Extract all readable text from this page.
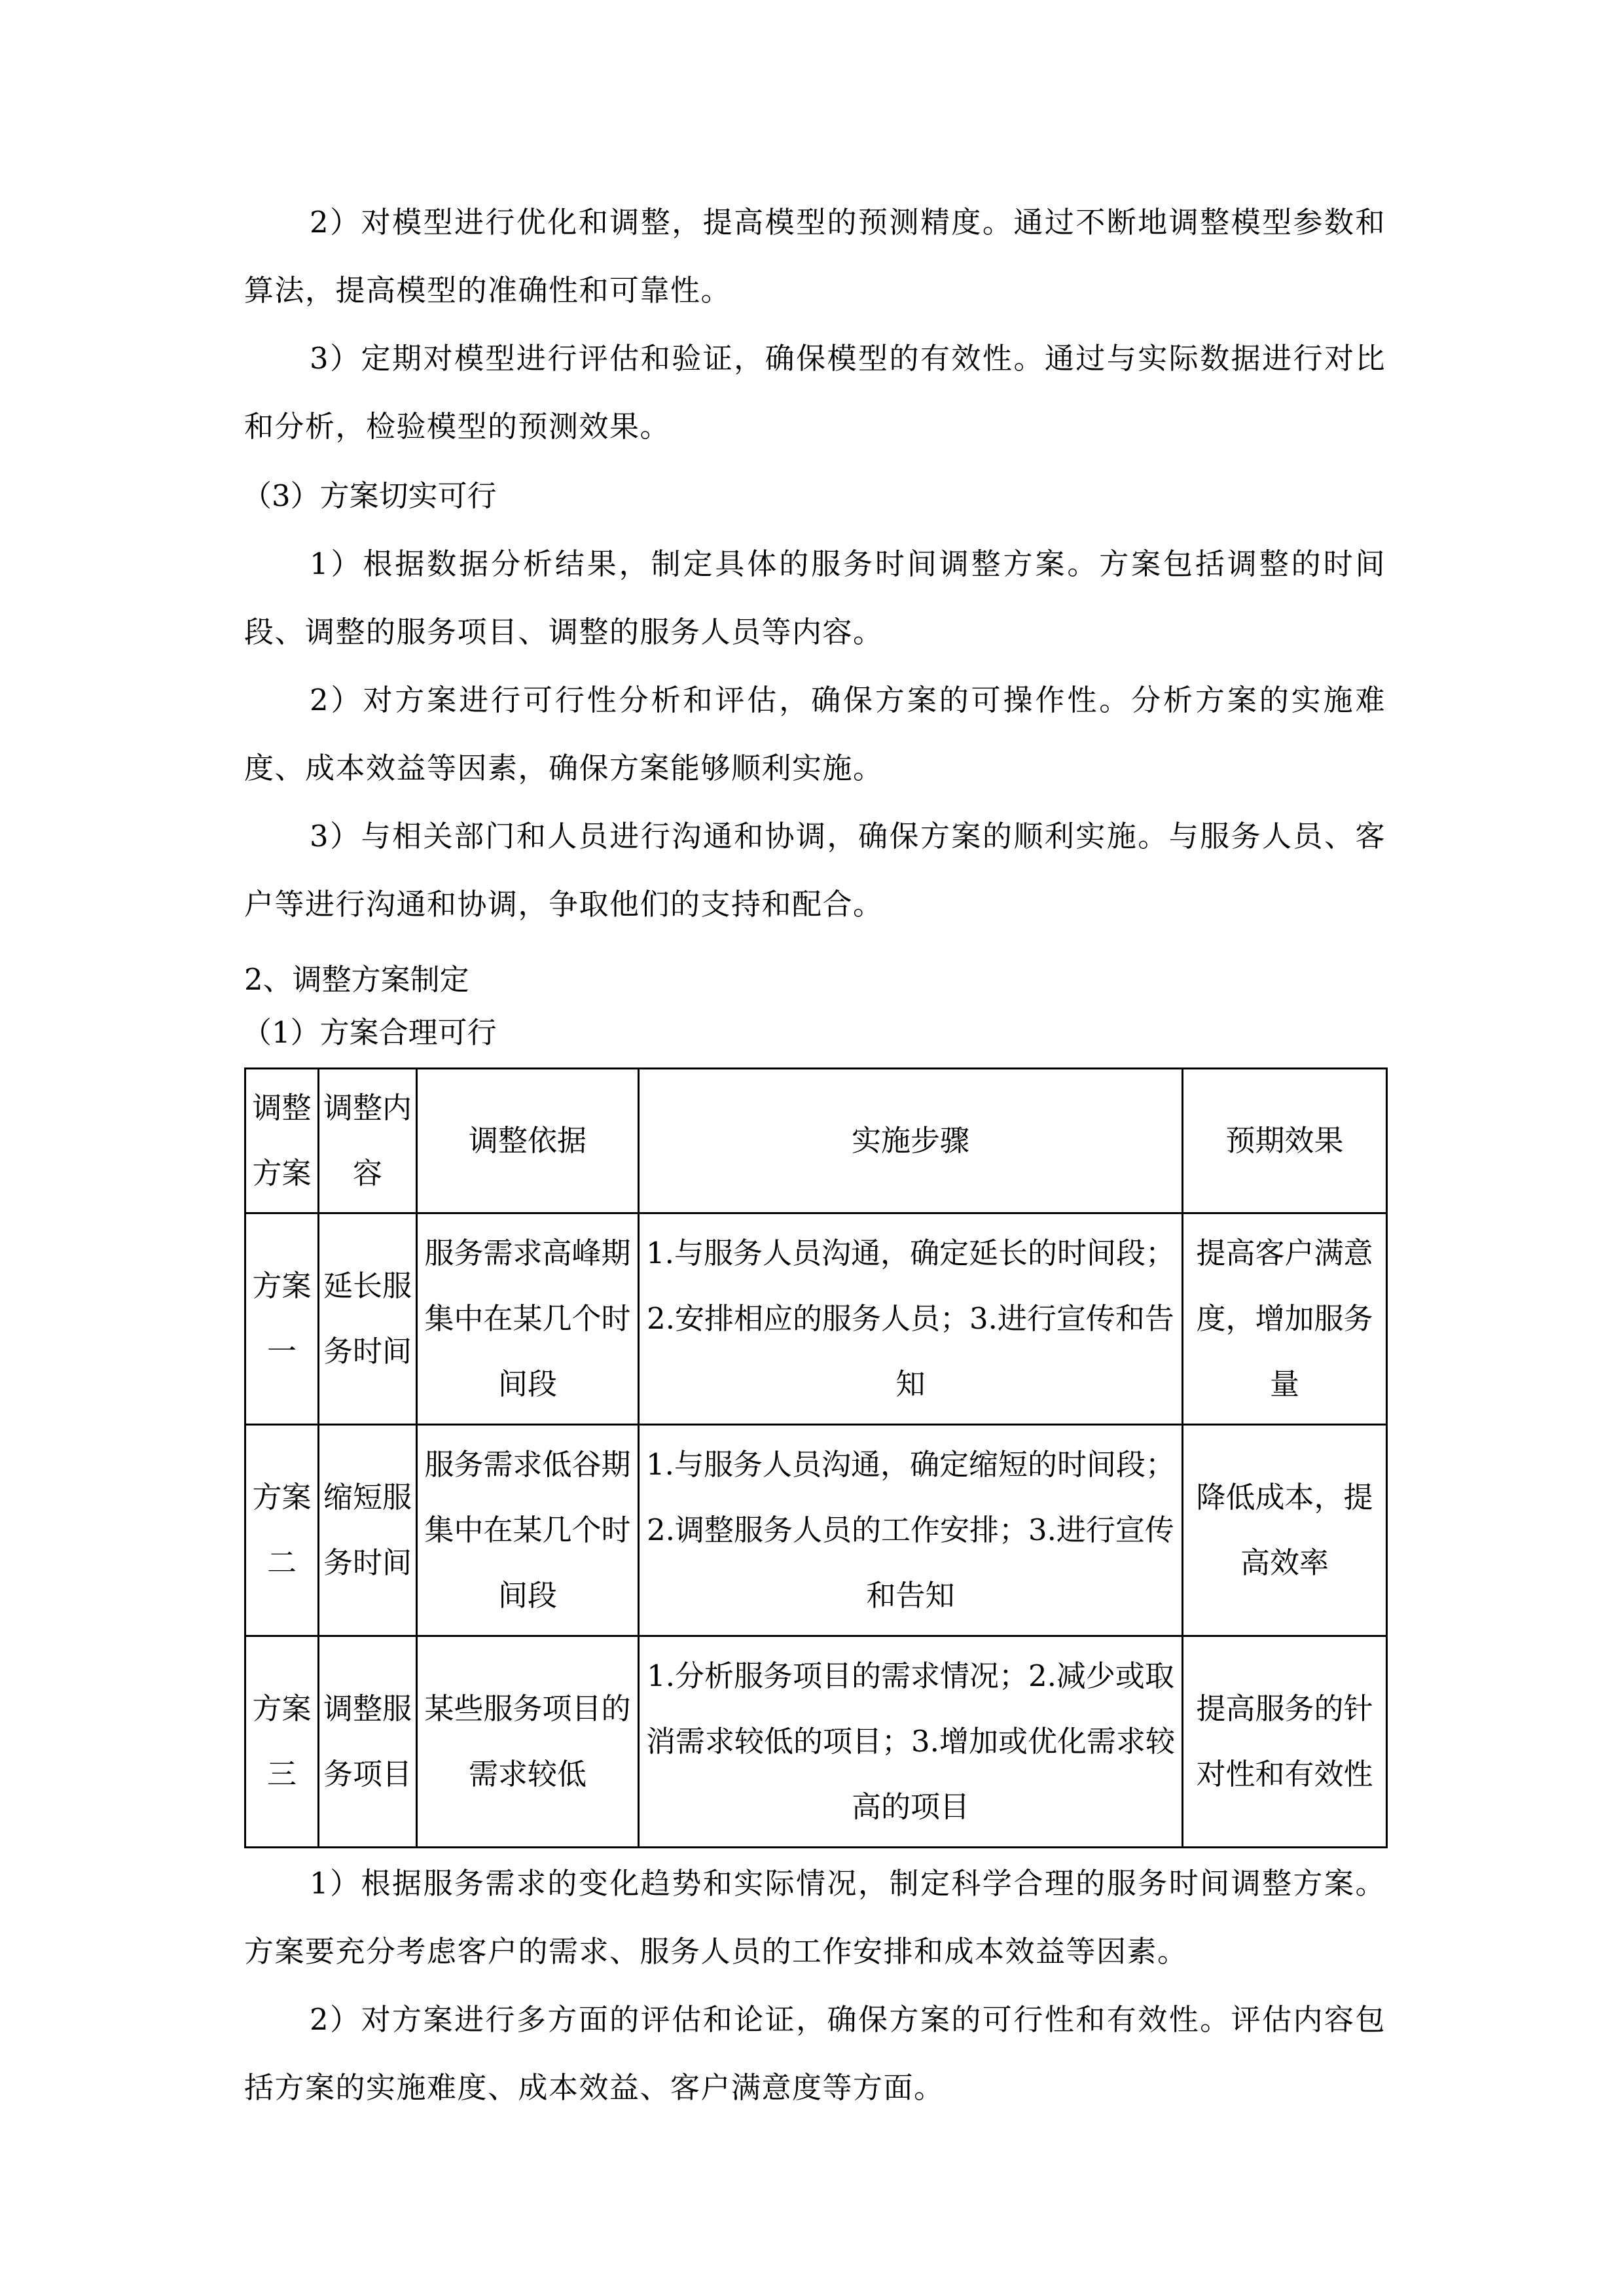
2）对模型进行优化和调整，提高模型的预测精度。通过不断地调整模型参数和算法，提高模型的准确性和可靠性。

3）定期对模型进行评估和验证，确保模型的有效性。通过与实际数据进行对比和分析，检验模型的预测效果。

（3）方案切实可行

1）根据数据分析结果，制定具体的服务时间调整方案。方案包括调整的时间段、调整的服务项目、调整的服务人员等内容。

2）对方案进行可行性分析和评估，确保方案的可操作性。分析方案的实施难度、成本效益等因素，确保方案能够顺利实施。

3）与相关部门和人员进行沟通和协调，确保方案的顺利实施。与服务人员、客户等进行沟通和协调，争取他们的支持和配合。

2、调整方案制定
（1）方案合理可行
调整方案	调整内容	调整依据	实施步骤	预期效果
方案一	延长服务时间	服务需求高峰期集中在某几个时间段	1.与服务人员沟通，确定延长的时间段；2.安排相应的服务人员；3.进行宣传和告知	提高客户满意度，增加服务量
方案二	缩短服务时间	服务需求低谷期集中在某几个时间段	1.与服务人员沟通，确定缩短的时间段；2.调整服务人员的工作安排；3.进行宣传和告知	降低成本，提高效率
方案三	调整服务项目	某些服务项目的需求较低	1.分析服务项目的需求情况；2.减少或取消需求较低的项目；3.增加或优化需求较高的项目	提高服务的针对性和有效性

1）根据服务需求的变化趋势和实际情况，制定科学合理的服务时间调整方案。方案要充分考虑客户的需求、服务人员的工作安排和成本效益等因素。

2）对方案进行多方面的评估和论证，确保方案的可行性和有效性。评估内容包括方案的实施难度、成本效益、客户满意度等方面。
